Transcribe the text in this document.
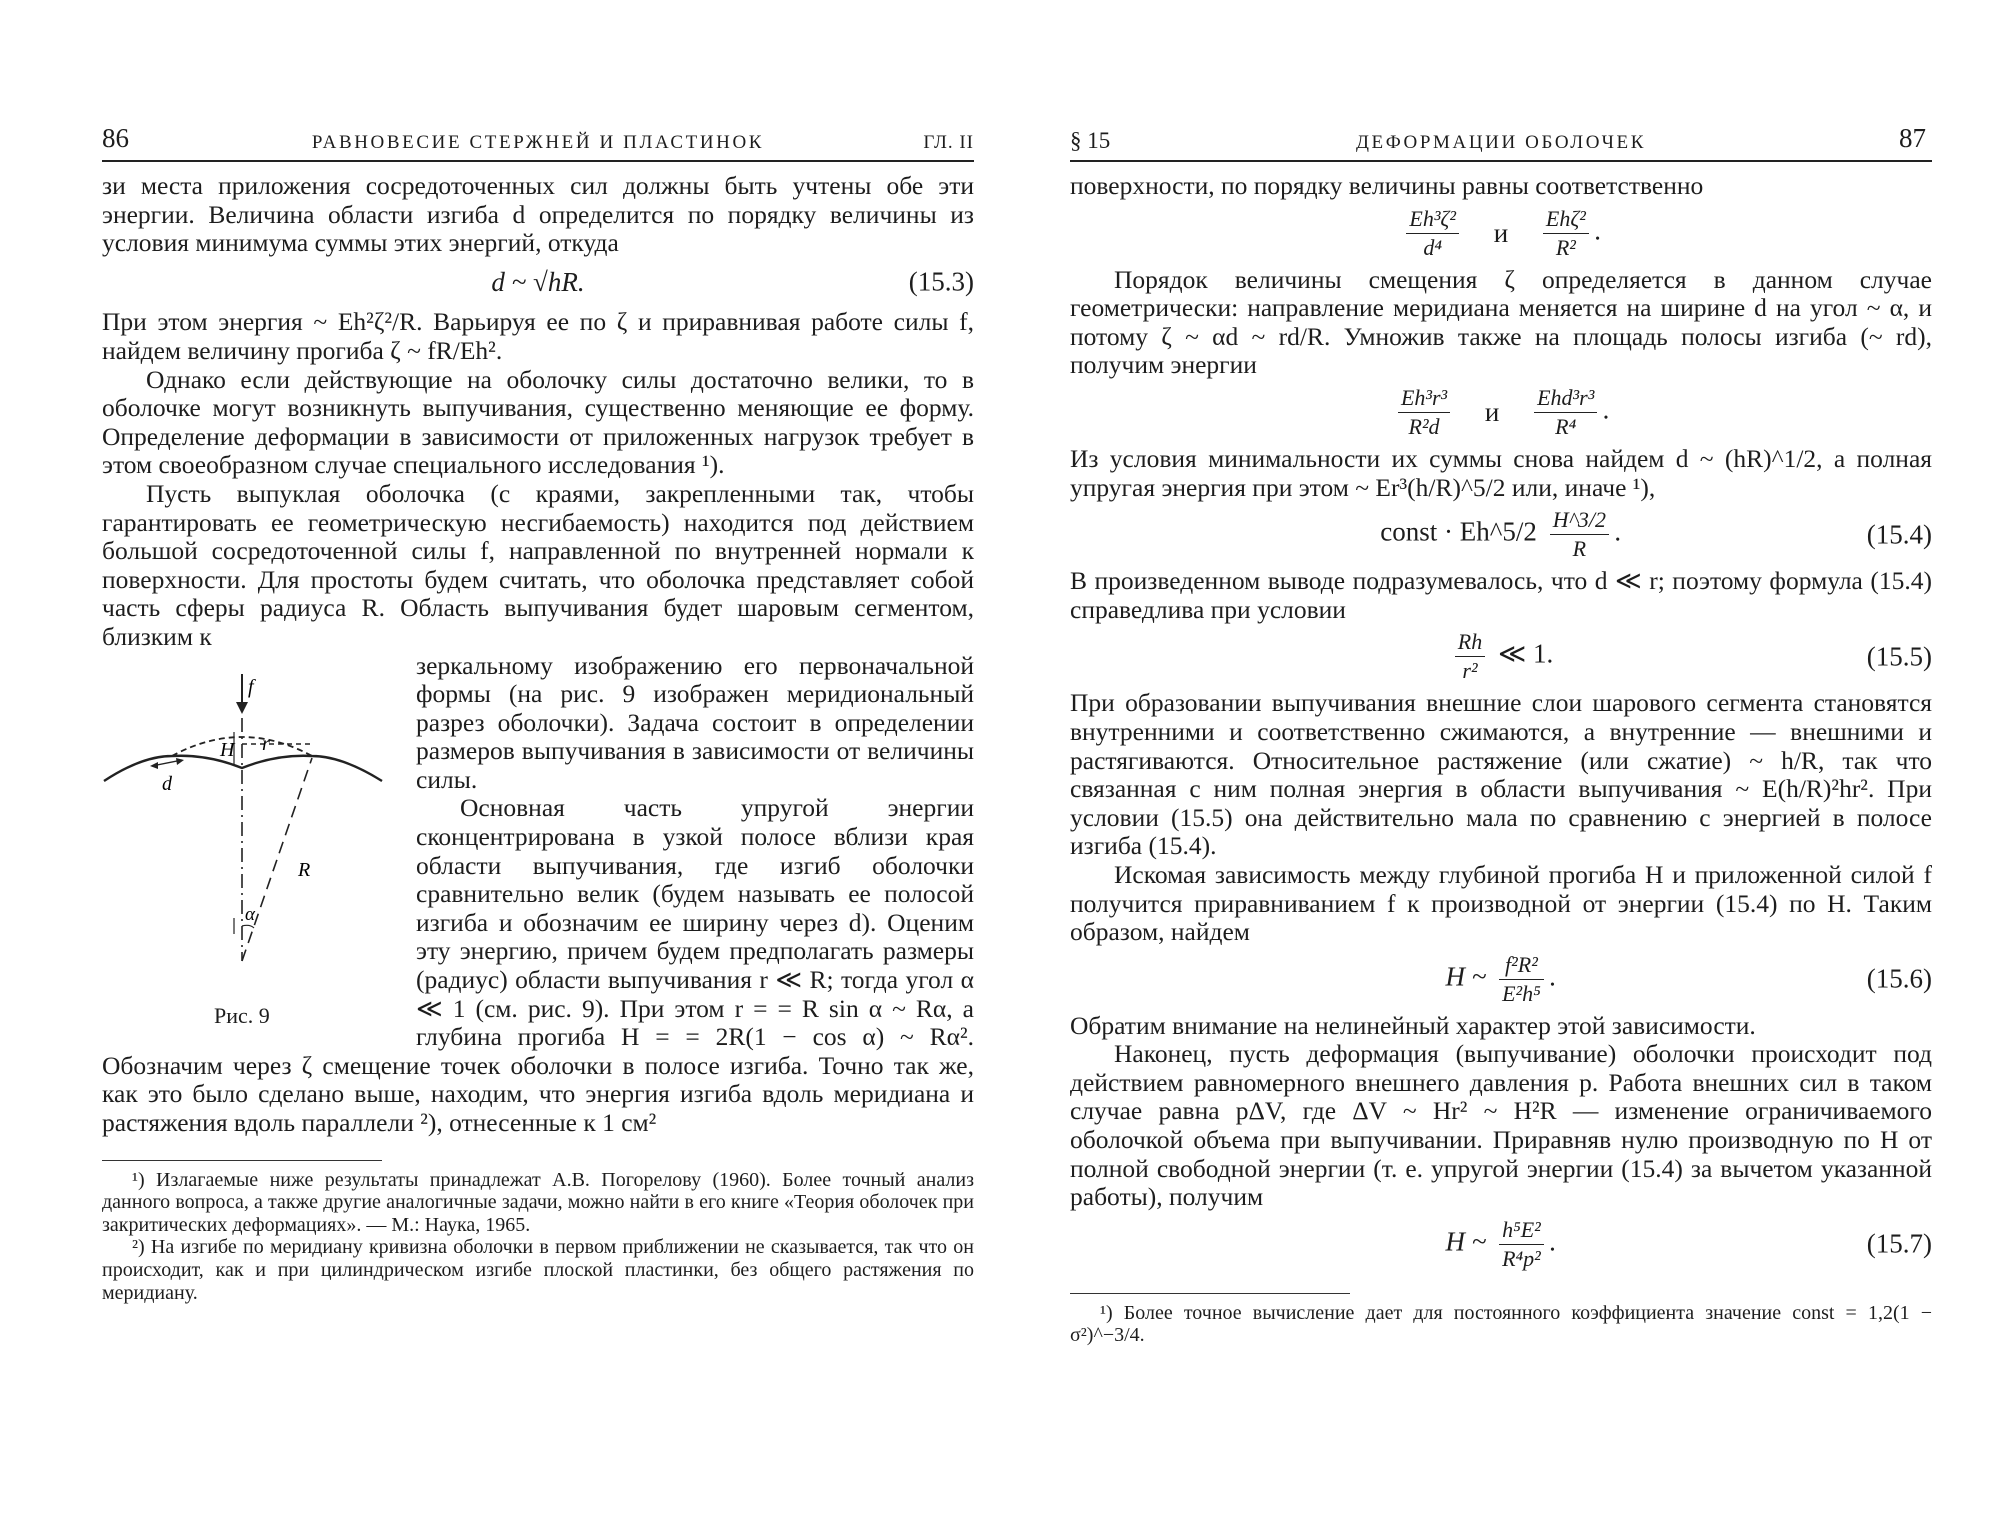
86	РАВНОВЕСИЕ СТЕРЖНЕЙ И ПЛАСТИНОК	ГЛ. II

зи места приложения сосредоточенных сил должны быть учтены обе эти энергии. Величина области изгиба d определится по порядку величины из условия минимума суммы этих энергий, откуда

d ~ √hR.	(15.3)

При этом энергия ~ Eh²ζ²/R. Варьируя ее по ζ и приравнивая работе силы f, найдем величину прогиба ζ ~ fR/Eh².

Однако если действующие на оболочку силы достаточно велики, то в оболочке могут возникнуть выпучивания, существенно меняющие ее форму. Определение деформации в зависимости от приложенных нагрузок требует в этом своеобразном случае специального исследования ¹).

Пусть выпуклая оболочка (с краями, закрепленными так, чтобы гарантировать ее геометрическую несгибаемость) находится под действием большой сосредоточенной силы f, направленной по внутренней нормали к поверхности. Для простоты будем считать, что оболочка представляет собой часть сферы радиуса R. Область выпучивания будет шаровым сегментом, близким к

f
H r
d
R
α
Рис. 9

зеркальному изображению его первоначальной формы (на рис. 9 изображен меридиональный разрез оболочки). Задача состоит в определении размеров выпучивания в зависимости от величины силы.

Основная часть упругой энергии сконцентрирована в узкой полосе вблизи края области выпучивания, где изгиб оболочки сравнительно велик (будем называть ее полосой изгиба и обозначим ее ширину через d). Оценим эту энергию, причем будем предполагать размеры (радиус) области выпучивания r ≪ R; тогда угол α ≪ 1 (см. рис. 9). При этом r = = R sin α ~ Rα, а глубина прогиба H = = 2R(1 − cos α) ~ Rα². Обозначим через ζ смещение точек оболочки в полосе изгиба. Точно так же, как это было сделано выше, находим, что энергия изгиба вдоль меридиана и растяжения вдоль параллели ²), отнесенные к 1 см²

¹) Излагаемые ниже результаты принадлежат А.В. Погорелову (1960). Более точный анализ данного вопроса, а также другие аналогичные задачи, можно найти в его книге «Теория оболочек при закритических деформациях». — М.: Наука, 1965.

²) На изгибе по меридиану кривизна оболочки в первом приближении не сказывается, так что он происходит, как и при цилиндрическом изгибе плоской пластинки, без общего растяжения по меридиану.

§ 15	ДЕФОРМАЦИИ ОБОЛОЧЕК	87

поверхности, по порядку величины равны соответственно

$\frac{\text{Eh³ζ²}}{\text{d⁴}}$ и $\frac{\text{Ehζ²}}{\text{R²}}$ .

Порядок величины смещения ζ определяется в данном случае геометрически: направление меридиана меняется на ширине d на угол ~ α, и потому ζ ~ αd ~ rd/R. Умножив также на площадь полосы изгиба (~ rd), получим энергии

$\frac{\text{Eh³r³}}{\text{R²d}}$ и $\frac{\text{Ehd³r³}}{\text{R⁴}}$ .

Из условия минимальности их суммы снова найдем d ~ (hR)^1/2, а полная упругая энергия при этом ~ Er³(h/R)^5/2 или, иначе ¹),

const · Eh^5/2 $\frac{H\^{}3/2}{R}$ .	(15.4)

В произведенном выводе подразумевалось, что d ≪ r; поэтому формула (15.4) справедлива при условии

$\frac{Rh}{\text{r²}}$ ≪ 1.	(15.5)

При образовании выпучивания внешние слои шарового сегмента становятся внутренними и соответственно сжимаются, а внутренние — внешними и растягиваются. Относительное растяжение (или сжатие) ~ h/R, так что связанная с ним полная энергия в области выпучивания ~ E(h/R)²hr². При условии (15.5) она действительно мала по сравнению с энергией в полосе изгиба (15.4).

Искомая зависимость между глубиной прогиба H и приложенной силой f получится приравниванием f к производной от энергии (15.4) по H. Таким образом, найдем

H ~ $\frac{\text{f²R²}}{\text{E²h⁵}}$ .	(15.6)

Обратим внимание на нелинейный характер этой зависимости.

Наконец, пусть деформация (выпучивание) оболочки происходит под действием равномерного внешнего давления p. Работа внешних сил в таком случае равна pΔV, где ΔV ~ Hr² ~ H²R — изменение ограничиваемого оболочкой объема при выпучивании. Приравняв нулю производную по H от полной свободной энергии (т. е. упругой энергии (15.4) за вычетом указанной работы), получим

H ~ $\frac{\text{h⁵E²}}{\text{R⁴p²}}$ .	(15.7)

¹) Более точное вычисление дает для постоянного коэффициента значение const = 1,2(1 − σ²)^−3/4.
